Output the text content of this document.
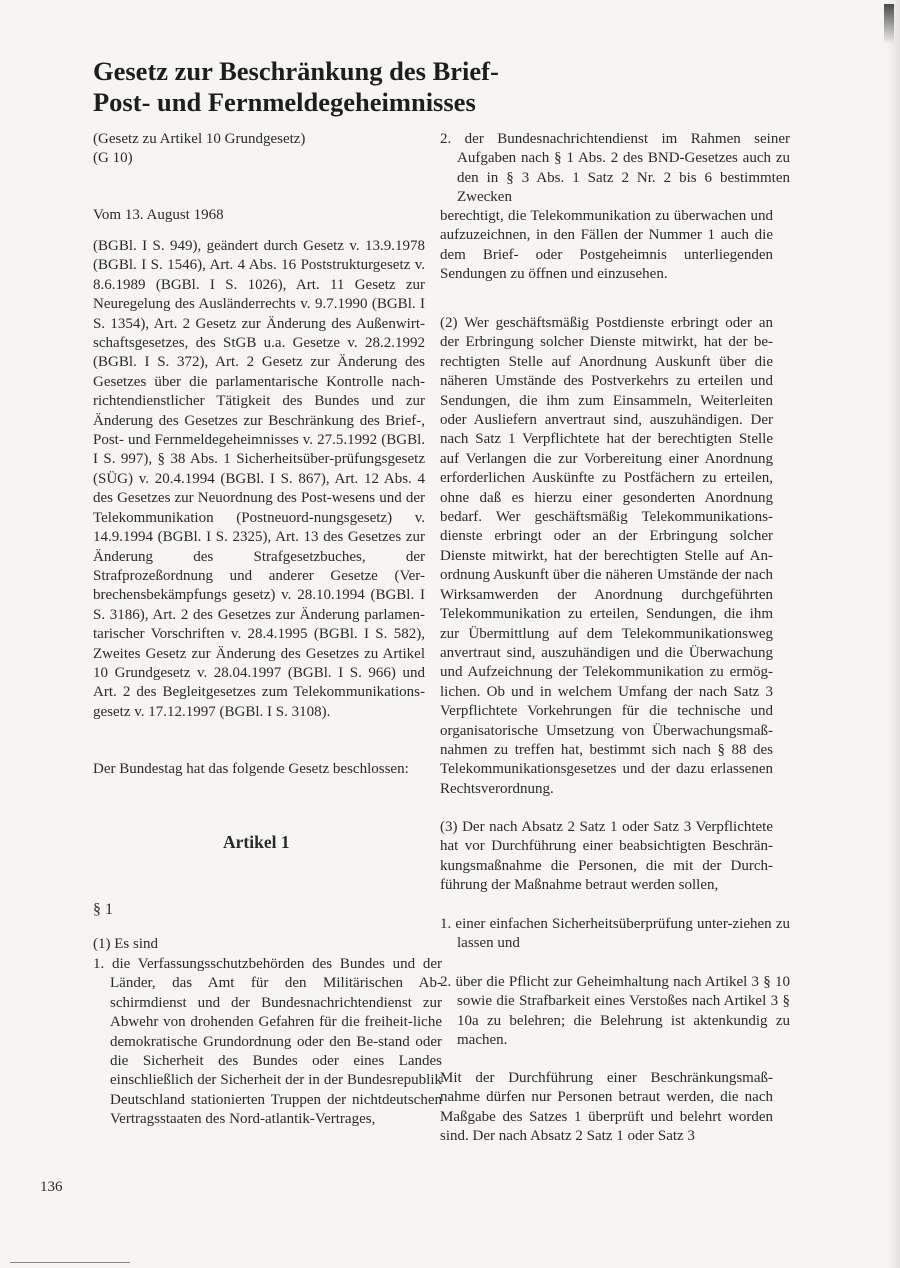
Gesetz zur Beschränkung des Brief-
Post- und Fernmeldegeheimnisses
(Gesetz zu Artikel 10 Grundgesetz)
(G 10)
Vom 13. August 1968
(BGBl. I S. 949), geändert durch Gesetz v. 13.9.1978 (BGBl. I S. 1546), Art. 4 Abs. 16 Poststrukturgesetz v. 8.6.1989 (BGBl. I S. 1026), Art. 11 Gesetz zur Neuregelung des Ausländerrechts v. 9.7.1990 (BGBl. I S. 1354), Art. 2 Gesetz zur Änderung des Außenwirt-schaftsgesetzes, des StGB u.a. Gesetze v. 28.2.1992 (BGBl. I S. 372), Art. 2 Gesetz zur Änderung des Gesetzes über die parlamentarische Kontrolle nach-richtendienstlicher Tätigkeit des Bundes und zur Änderung des Gesetzes zur Beschränkung des Brief-, Post- und Fernmeldegeheimnisses v. 27.5.1992 (BGBl. I S. 997), § 38 Abs. 1 Sicherheitsüber-prüfungsgesetz (SÜG) v. 20.4.1994 (BGBl. I S. 867), Art. 12 Abs. 4 des Gesetzes zur Neuordnung des Post-wesens und der Telekommunikation (Postneuord-nungsgesetz) v. 14.9.1994 (BGBl. I S. 2325), Art. 13 des Gesetzes zur Änderung des Strafgesetzbuches, der Strafprozeßordnung und anderer Gesetze (Ver-brechensbekämpfungs gesetz) v. 28.10.1994 (BGBl. I S. 3186), Art. 2 des Gesetzes zur Änderung parlamen-tarischer Vorschriften v. 28.4.1995 (BGBl. I S. 582), Zweites Gesetz zur Änderung des Gesetzes zu Artikel 10 Grundgesetz v. 28.04.1997 (BGBl. I S. 966) und Art. 2 des Begleitgesetzes zum Telekommunikations-gesetz v. 17.12.1997 (BGBl. I S. 3108).
Der Bundestag hat das folgende Gesetz beschlossen:
Artikel 1
§ 1
(1) Es sind
1. die Verfassungsschutzbehörden des Bundes und der Länder, das Amt für den Militärischen Ab-schirmdienst und der Bundesnachrichtendienst zur Abwehr von drohenden Gefahren für die freiheit-liche demokratische Grundordnung oder den Be-stand oder die Sicherheit des Bundes oder eines Landes einschließlich der Sicherheit der in der Bundesrepublik Deutschland stationierten Truppen der nichtdeutschen Vertragsstaaten des Nord-atlantik-Vertrages,
2. der Bundesnachrichtendienst im Rahmen seiner Aufgaben nach § 1 Abs. 2 des BND-Gesetzes auch zu den in § 3 Abs. 1 Satz 2 Nr. 2 bis 6 bestimmten Zwecken
berechtigt, die Telekommunikation zu überwachen und aufzuzeichnen, in den Fällen der Nummer 1 auch die dem Brief- oder Postgeheimnis unterliegenden Sendungen zu öffnen und einzusehen.
(2) Wer geschäftsmäßig Postdienste erbringt oder an der Erbringung solcher Dienste mitwirkt, hat der be-rechtigten Stelle auf Anordnung Auskunft über die näheren Umstände des Postverkehrs zu erteilen und Sendungen, die ihm zum Einsammeln, Weiterleiten oder Ausliefern anvertraut sind, auszuhändigen. Der nach Satz 1 Verpflichtete hat der berechtigten Stelle auf Verlangen die zur Vorbereitung einer Anordnung erforderlichen Auskünfte zu Postfächern zu erteilen, ohne daß es hierzu einer gesonderten Anordnung bedarf. Wer geschäftsmäßig Telekommunikations-dienste erbringt oder an der Erbringung solcher Dienste mitwirkt, hat der berechtigten Stelle auf An-ordnung Auskunft über die näheren Umstände der nach Wirksamwerden der Anordnung durchgeführten Telekommunikation zu erteilen, Sendungen, die ihm zur Übermittlung auf dem Telekommunikationsweg anvertraut sind, auszuhändigen und die Überwachung und Aufzeichnung der Telekommunikation zu ermög-lichen. Ob und in welchem Umfang der nach Satz 3 Verpflichtete Vorkehrungen für die technische und organisatorische Umsetzung von Überwachungsmaß-nahmen zu treffen hat, bestimmt sich nach § 88 des Telekommunikationsgesetzes und der dazu erlassenen Rechtsverordnung.
(3) Der nach Absatz 2 Satz 1 oder Satz 3 Verpflichtete hat vor Durchführung einer beabsichtigten Beschrän-kungsmaßnahme die Personen, die mit der Durch-führung der Maßnahme betraut werden sollen,
1. einer einfachen Sicherheitsüberprüfung unter-ziehen zu lassen und
2. über die Pflicht zur Geheimhaltung nach Artikel 3 § 10 sowie die Strafbarkeit eines Verstoßes nach Artikel 3 § 10a zu belehren; die Belehrung ist aktenkundig zu machen.
Mit der Durchführung einer Beschränkungsmaß-nahme dürfen nur Personen betraut werden, die nach Maßgabe des Satzes 1 überprüft und belehrt worden sind. Der nach Absatz 2 Satz 1 oder Satz 3
136
